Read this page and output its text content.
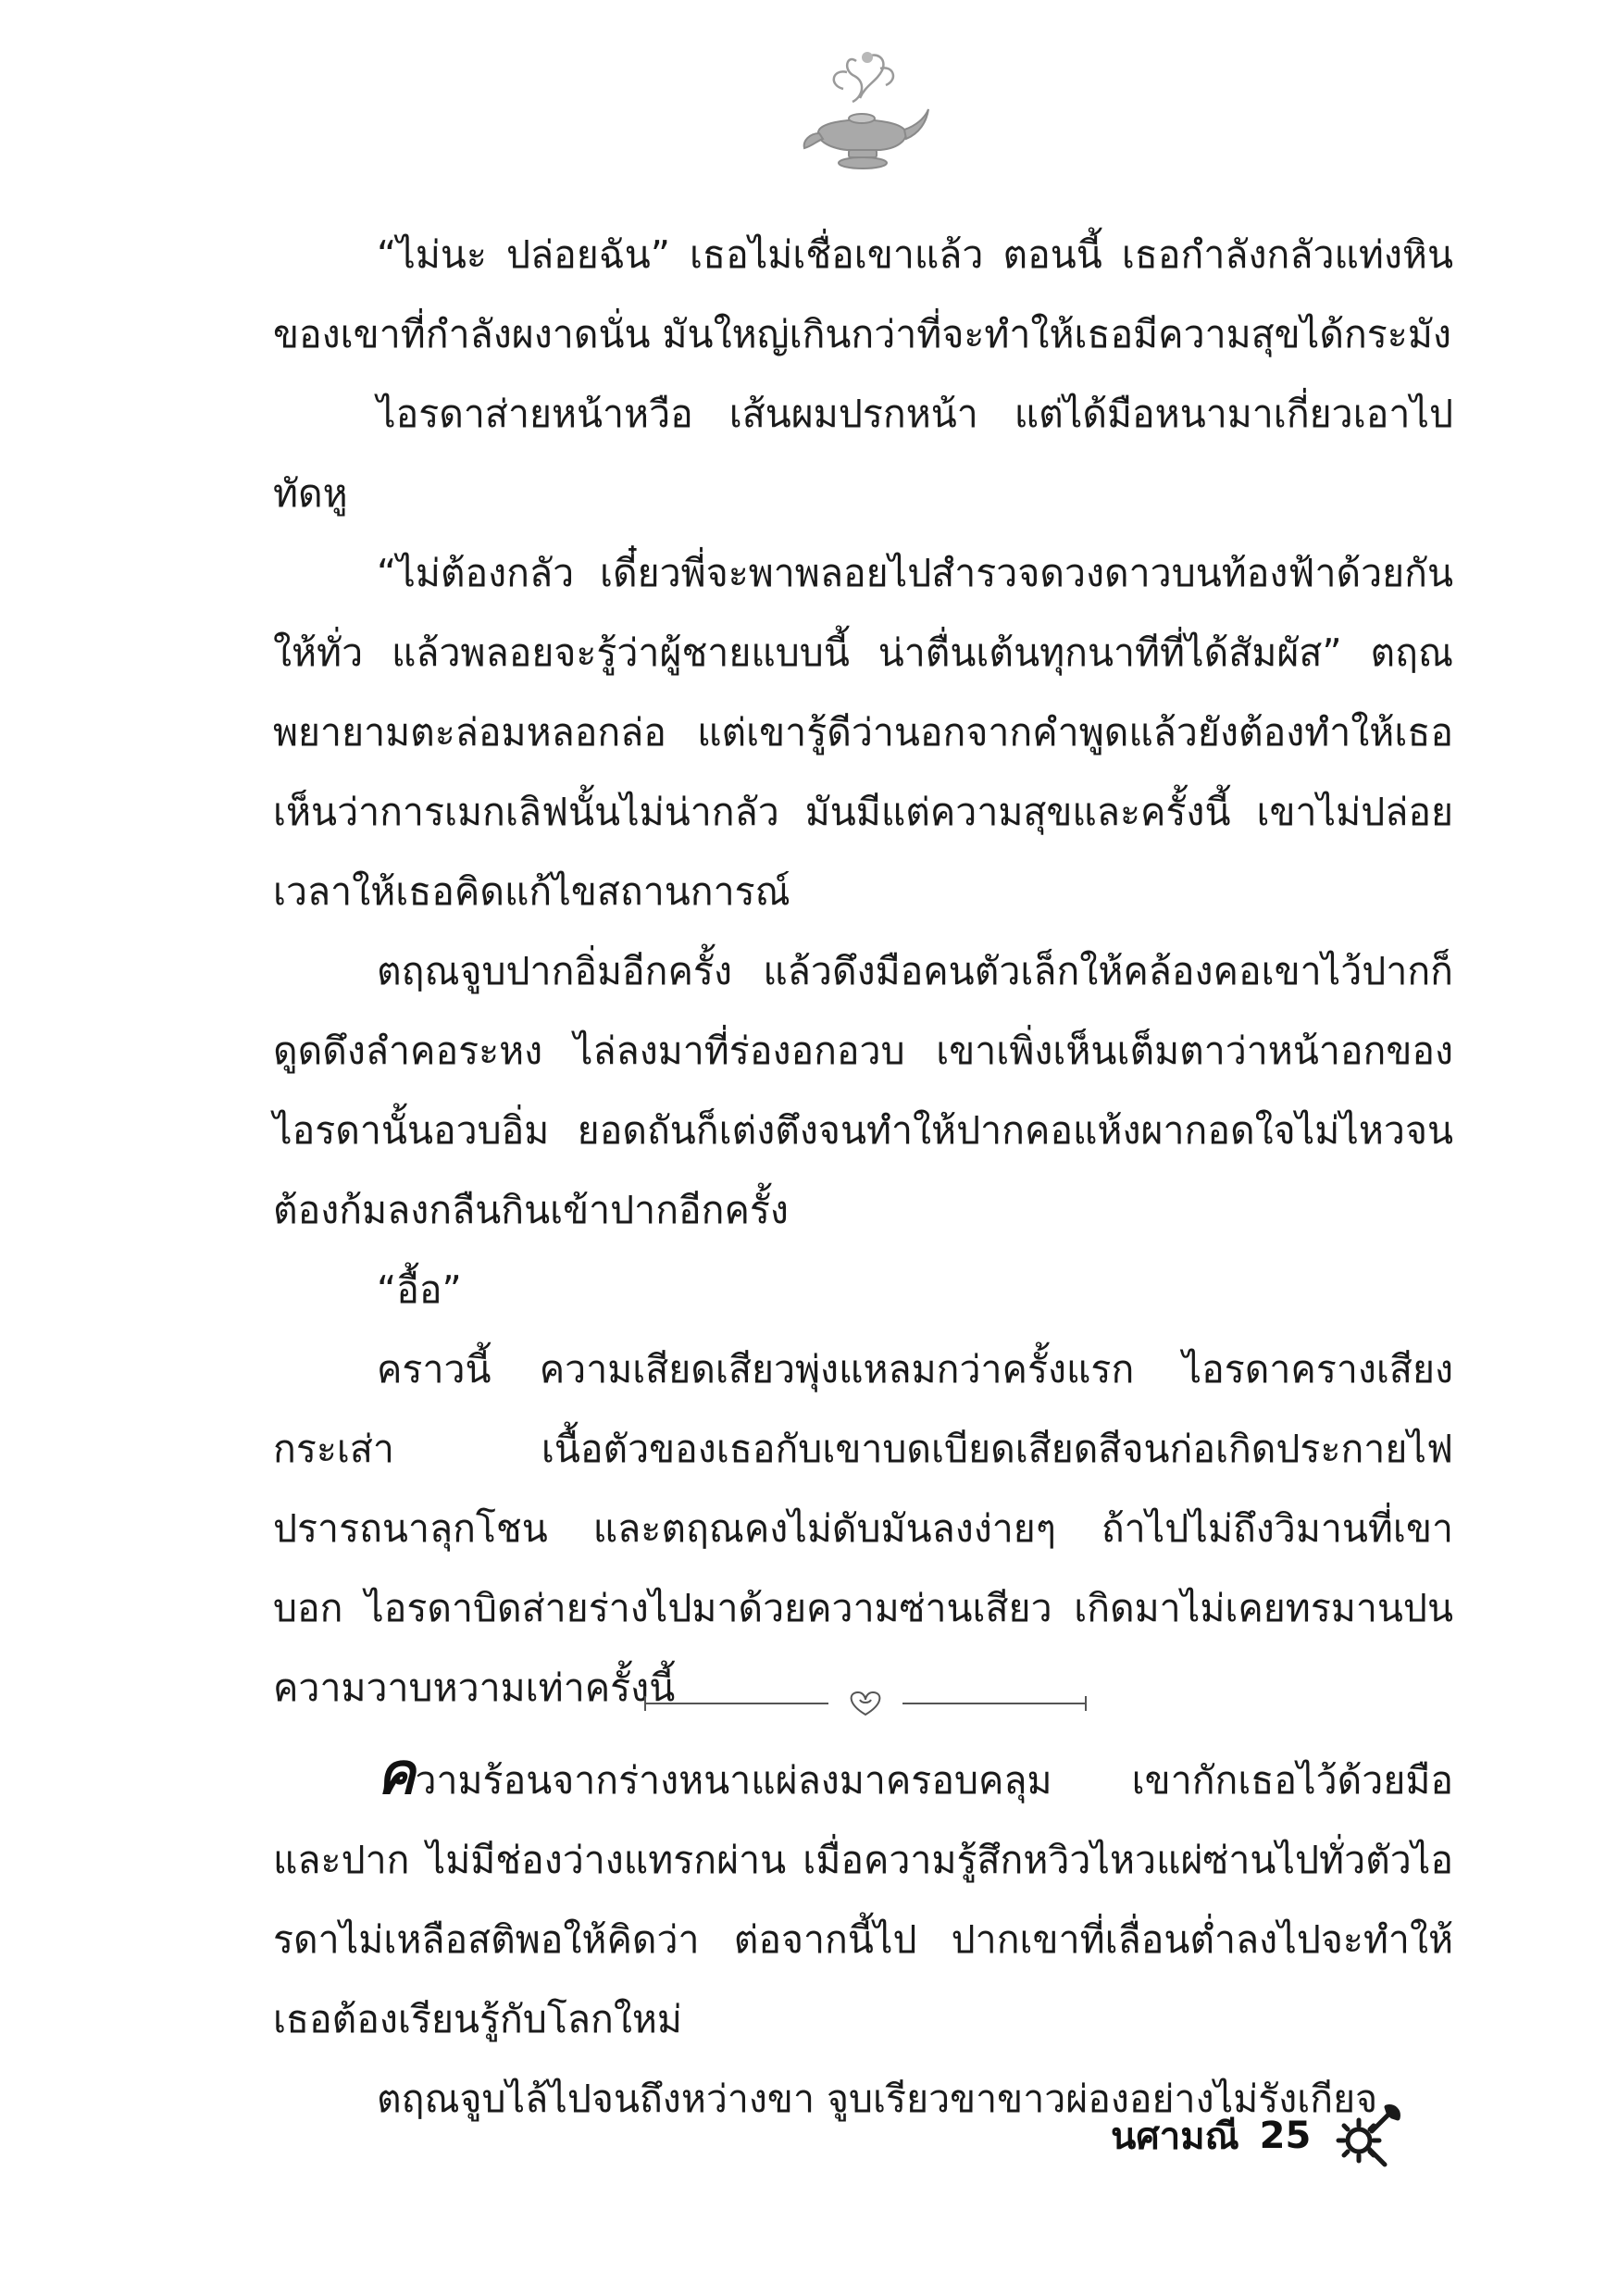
“ไม่นะ ปล่อยฉัน” เธอไม่เชื่อเขาแล้ว ตอนนี้ เธอกำลังกลัวแท่งหินของเขาที่กำลังผงาดนั่น มันใหญ่เกินกว่าที่จะทำให้เธอมีความสุขได้กระมัง

ไอรดาส่ายหน้าหวือ เส้นผมปรกหน้า แต่ได้มือหนามาเกี่ยวเอาไปทัดหู

“ไม่ต้องกลัว เดี๋ยวพี่จะพาพลอยไปสำรวจดวงดาวบนท้องฟ้าด้วยกันให้ทั่ว แล้วพลอยจะรู้ว่าผู้ชายแบบนี้ น่าตื่นเต้นทุกนาทีที่ได้สัมผัส” ตฤณพยายามตะล่อมหลอกล่อ แต่เขารู้ดีว่านอกจากคำพูดแล้วยังต้องทำให้เธอเห็นว่าการเมกเลิฟนั้นไม่น่ากลัว มันมีแต่ความสุขและครั้งนี้ เขาไม่ปล่อยเวลาให้เธอคิดแก้ไขสถานการณ์

ตฤณจูบปากอิ่มอีกครั้ง แล้วดึงมือคนตัวเล็กให้คล้องคอเขาไว้ปากก็ดูดดึงลำคอระหง ไล่ลงมาที่ร่องอกอวบ เขาเพิ่งเห็นเต็มตาว่าหน้าอกของไอรดานั้นอวบอิ่ม ยอดถันก็เต่งตึงจนทำให้ปากคอแห้งผากอดใจไม่ไหวจนต้องก้มลงกลืนกินเข้าปากอีกครั้ง

“อื้อ”

คราวนี้ ความเสียดเสียวพุ่งแหลมกว่าครั้งแรก ไอรดาครางเสียงกระเส่า เนื้อตัวของเธอกับเขาบดเบียดเสียดสีจนก่อเกิดประกายไฟปรารถนาลุกโชน และตฤณคงไม่ดับมันลงง่ายๆ ถ้าไปไม่ถึงวิมานที่เขาบอก ไอรดาบิดส่ายร่างไปมาด้วยความซ่านเสียว เกิดมาไม่เคยทรมานปนความวาบหวามเท่าครั้งนี้

ความร้อนจากร่างหนาแผ่ลงมาครอบคลุม เขากักเธอไว้ด้วยมือและปาก ไม่มีช่องว่างแทรกผ่าน เมื่อความรู้สึกหวิวไหวแผ่ซ่านไปทั่วตัวไอรดาไม่เหลือสติพอให้คิดว่า ต่อจากนี้ไป ปากเขาที่เลื่อนต่ำลงไปจะทำให้เธอต้องเรียนรู้กับโลกใหม่

ตฤณจูบไล้ไปจนถึงหว่างขา จูบเรียวขาขาวผ่องอย่างไม่รังเกียจ

นศามณี 25
